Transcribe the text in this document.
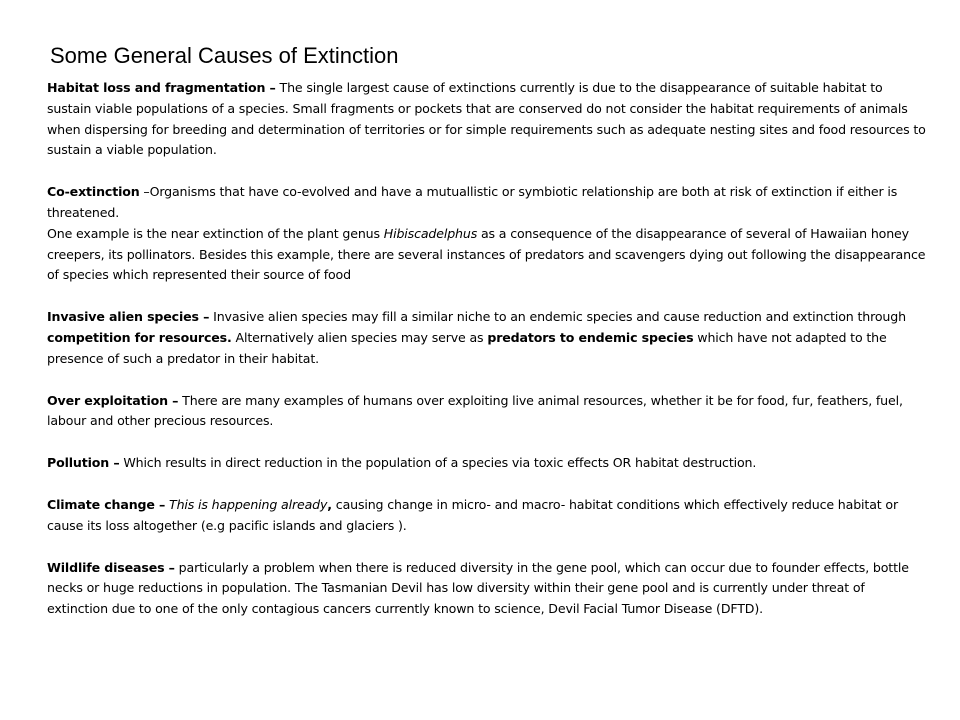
Some General Causes of Extinction

Habitat loss and fragmentation – The single largest cause of extinctions currently is due to the disappearance of suitable habitat to sustain viable populations of a species. Small fragments or pockets that are conserved do not consider the habitat requirements of animals when dispersing for breeding and determination of territories or for simple requirements such as adequate nesting sites and food resources to sustain a viable population.

Co-extinction –Organisms that have co-evolved and have a mutuallistic or symbiotic relationship are both at risk of extinction if either is threatened.

One example is the near extinction of the plant genus Hibiscadelphus as a consequence of the disappearance of several of Hawaiian honey creepers, its pollinators. Besides this example, there are several instances of predators and scavengers dying out following the disappearance of species which represented their source of food

Invasive alien species – Invasive alien species may fill a similar niche to an endemic species and cause reduction and extinction through competition for resources. Alternatively alien species may serve as predators to endemic species which have not adapted to the presence of such a predator in their habitat.

Over exploitation – There are many examples of humans over exploiting live animal resources, whether it be for food, fur, feathers, fuel, labour and other precious resources.

Pollution – Which results in direct reduction in the population of a species via toxic effects OR habitat destruction.

Climate change – This is happening already, causing change in micro- and macro- habitat conditions which effectively reduce habitat or cause its loss altogether (e.g pacific islands and glaciers ).

Wildlife diseases – particularly a problem when there is reduced diversity in the gene pool, which can occur due to founder effects, bottle necks or huge reductions in population. The Tasmanian Devil has low diversity within their gene pool and is currently under threat of extinction due to one of the only contagious cancers currently known to science, Devil Facial Tumor Disease (DFTD).
